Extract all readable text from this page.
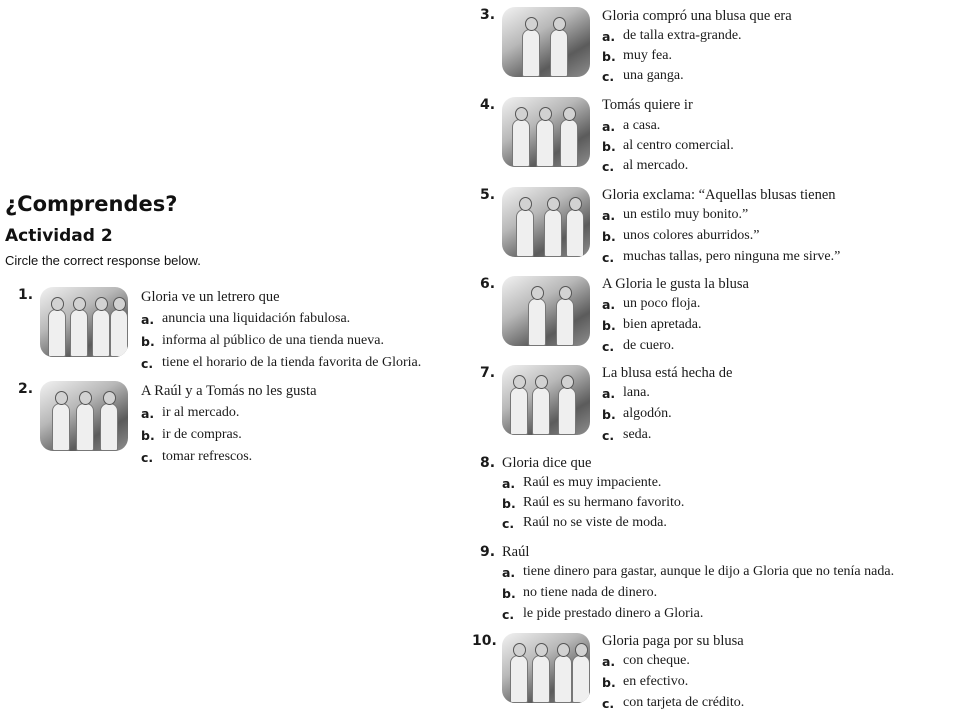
¿Comprendes?
Actividad 2
Circle the correct response below.
1.	Gloria ve un letrero que
a. anuncia una liquidación fabulosa.
b. informa al público de una tienda nueva.
c. tiene el horario de la tienda favorita de Gloria.
2.	A Raúl y a Tomás no les gusta
a. ir al mercado.
b. ir de compras.
c. tomar refrescos.
3.	Gloria compró una blusa que era
a. de talla extra-grande.
b. muy fea.
c. una ganga.
4.	Tomás quiere ir
a. a casa.
b. al centro comercial.
c. al mercado.
5.	Gloria exclama: “Aquellas blusas tienen
a. un estilo muy bonito.”
b. unos colores aburridos.”
c. muchas tallas, pero ninguna me sirve.”
6.	A Gloria le gusta la blusa
a. un poco floja.
b. bien apretada.
c. de cuero.
7.	La blusa está hecha de
a. lana.
b. algodón.
c. seda.
8. Gloria dice que
a. Raúl es muy impaciente.
b. Raúl es su hermano favorito.
c. Raúl no se viste de moda.
9. Raúl
a. tiene dinero para gastar, aunque le dijo a Gloria que no tenía nada.
b. no tiene nada de dinero.
c. le pide prestado dinero a Gloria.
10.	Gloria paga por su blusa
a. con cheque.
b. en efectivo.
c. con tarjeta de crédito.
